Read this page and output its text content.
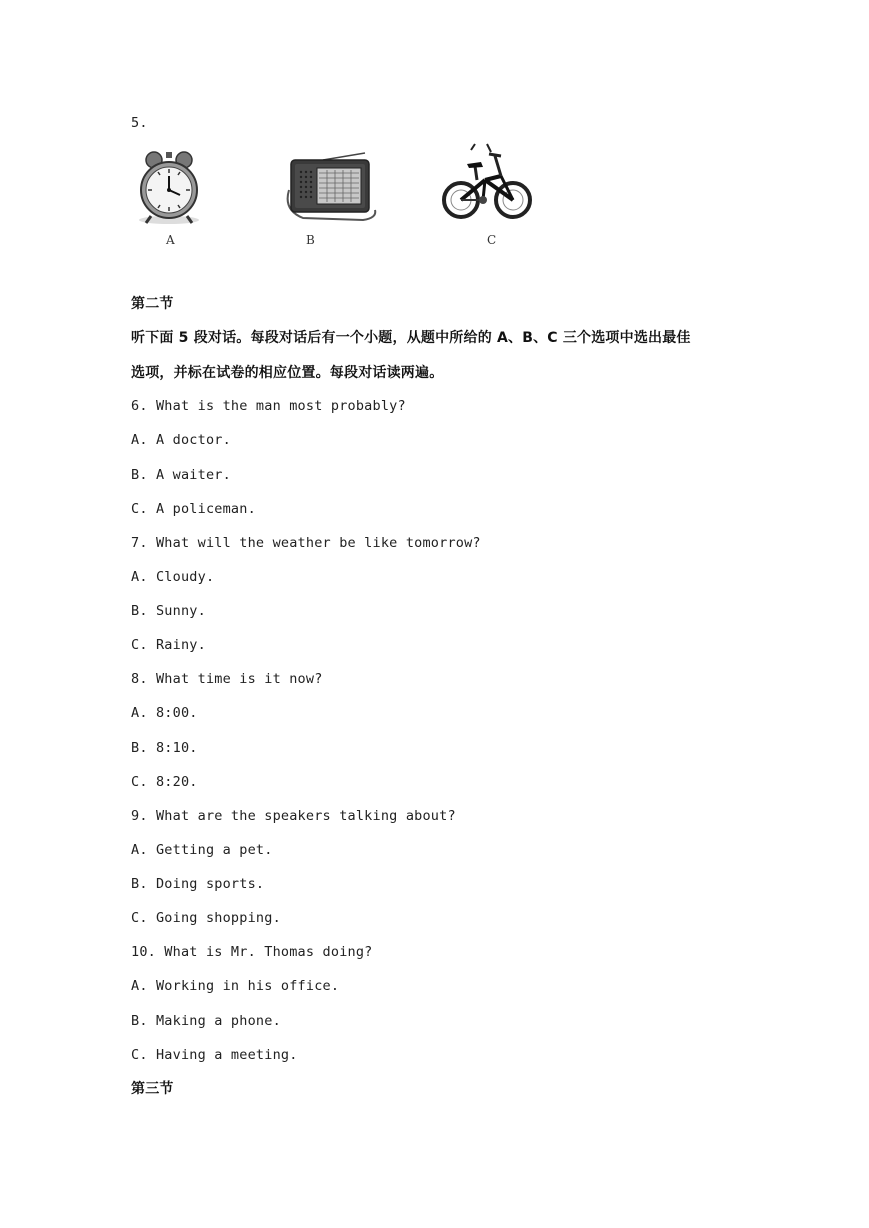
5.
A	B	C
第二节
听下面 5 段对话。每段对话后有一个小题，从题中所给的 A、B、C 三个选项中选出最佳
选项，并标在试卷的相应位置。每段对话读两遍。
6. What is the man most probably?
A. A doctor.
B. A waiter.
C. A policeman.
7. What will the weather be like tomorrow?
A. Cloudy.
B. Sunny.
C. Rainy.
8. What time is it now?
A. 8:00.
B. 8:10.
C. 8:20.
9. What are the speakers talking about?
A. Getting a pet.
B. Doing sports.
C. Going shopping.
10. What is Mr. Thomas doing?
A. Working in his office.
B. Making a phone.
C. Having a meeting.
第三节
